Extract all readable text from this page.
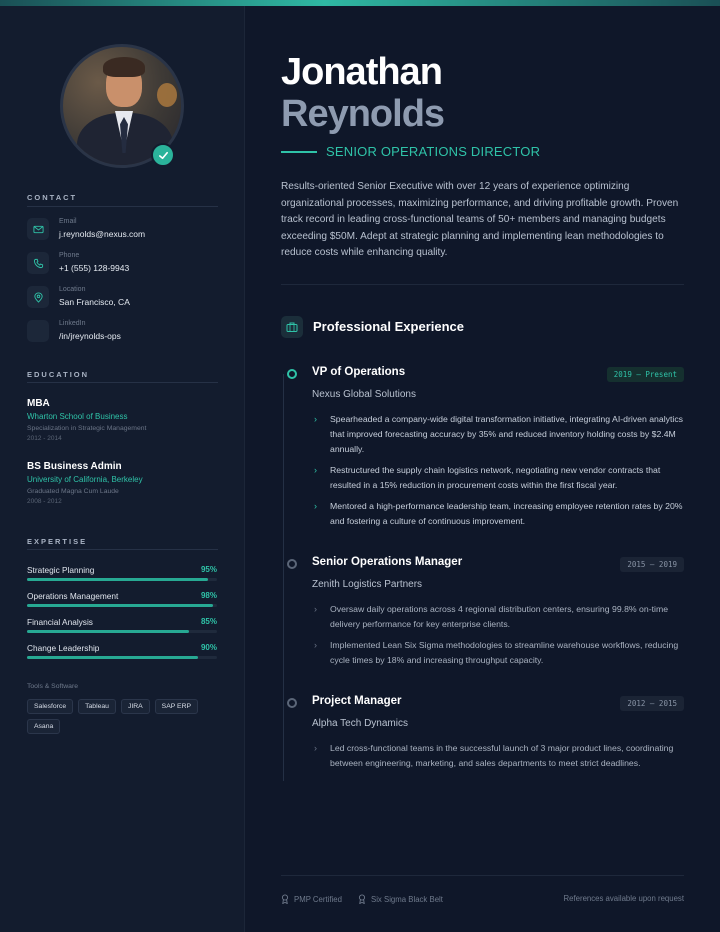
CONTACT
Email
j.reynolds@nexus.com
Phone
+1 (555) 128-9943
Location
San Francisco, CA
LinkedIn
/in/jreynolds-ops
EDUCATION
MBA
Wharton School of Business
Specialization in Strategic Management
2012 - 2014
BS Business Admin
University of California, Berkeley
Graduated Magna Cum Laude
2008 - 2012
EXPERTISE
Strategic Planning	95%
Operations Management	98%
Financial Analysis	85%
Change Leadership	90%
Tools & Software
Salesforce	Tableau	JIRA	SAP ERP
Asana
Jonathan
Reynolds
SENIOR OPERATIONS DIRECTOR
Results-oriented Senior Executive with over 12 years of experience optimizing organizational processes, maximizing performance, and driving profitable growth. Proven track record in leading cross-functional teams of 50+ members and managing budgets exceeding $50M. Adept at strategic planning and implementing lean methodologies to reduce costs while enhancing quality.
Professional Experience
VP of Operations	2019 – Present
Nexus Global Solutions
› Spearheaded a company-wide digital transformation initiative, integrating AI-driven analytics that improved forecasting accuracy by 35% and reduced inventory holding costs by $2.4M annually.
› Restructured the supply chain logistics network, negotiating new vendor contracts that resulted in a 15% reduction in procurement costs within the first fiscal year.
› Mentored a high-performance leadership team, increasing employee retention rates by 20% and fostering a culture of continuous improvement.
Senior Operations Manager	2015 – 2019
Zenith Logistics Partners
› Oversaw daily operations across 4 regional distribution centers, ensuring 99.8% on-time delivery performance for key enterprise clients.
› Implemented Lean Six Sigma methodologies to streamline warehouse workflows, reducing cycle times by 18% and increasing throughput capacity.
Project Manager	2012 – 2015
Alpha Tech Dynamics
› Led cross-functional teams in the successful launch of 3 major product lines, coordinating between engineering, marketing, and sales departments to meet strict deadlines.
PMP Certified	Six Sigma Black Belt	References available upon request
